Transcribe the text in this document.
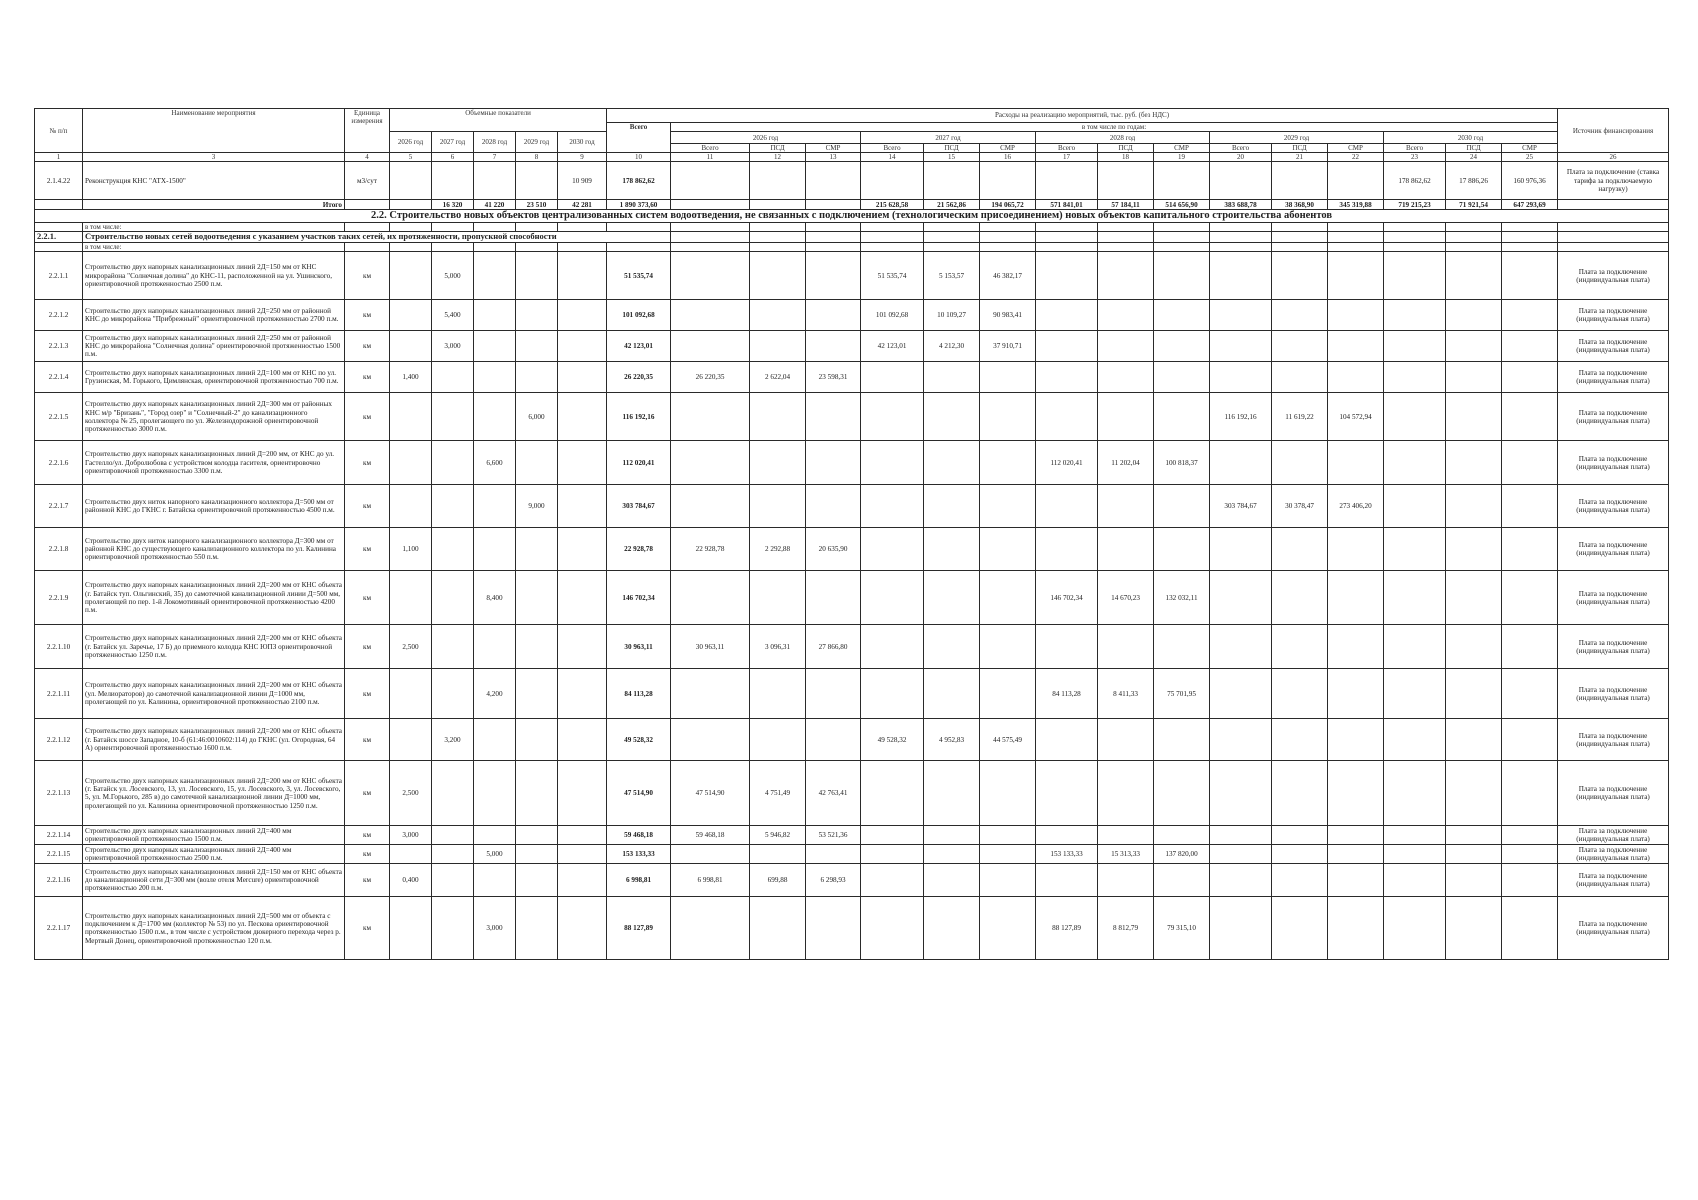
№ п/п	Наименование мероприятия	Единица измерения	Объемные показатели					Расходы на реализацию мероприятий, тыс. руб. (без НДС)																Источник финансирования
								Всего	в том числе по годам:															
			2026 год	2027 год	2028 год	2029 год	2030 год		2026 год			2027 год			2028 год			2029 год			2030 год			
									Всего	ПСД	СМР	Всего	ПСД	СМР	Всего	ПСД	СМР	Всего	ПСД	СМР	Всего	ПСД	СМР	
1	3	4	5	6	7	8	9	10	11	12	13	14	15	16	17	18	19	20	21	22	23	24	25	26
2.1.4.22	Реконструкция КНС "АТХ-1500"	м3/сут					10 909	178 862,62													178 862,62	17 886,26	160 976,36	Плата за подключение (ставка тарифа за подключаемую нагрузку)
	Итого			16 320	41 220	23 510	42 281	1 890 373,60				215 628,58	21 562,86	194 065,72	571 841,01	57 184,11	514 656,90	383 688,78	38 368,90	345 319,88	719 215,23	71 921,54	647 293,69	
2.2. Строительство новых объектов централизованных систем водоотведения, не связанных с подключением (технологическим присоединением) новых объектов капитального строительства абонентов																								
	в том числе:																							
2.2.1.	Строительство новых сетей водоотведения с указанием участков таких сетей, их протяженности, пропускной способности																							
	в том числе:																							
2.2.1.1	Строительство двух напорных канализационных линий 2Д=150 мм от КНС микрорайона "Солнечная долина" до КНС-11, расположенной на ул. Ушинского, ориентировочной протяженностью 2500 п.м.	км		5,000				51 535,74				51 535,74	5 153,57	46 382,17										Плата за подключение (индивидуальная плата)
2.2.1.2	Строительство двух напорных канализационных линий 2Д=250 мм от районной КНС до микрорайона "Прибрежный" ориентировочной протяженностью 2700 п.м.	км		5,400				101 092,68				101 092,68	10 109,27	90 983,41										Плата за подключение (индивидуальная плата)
2.2.1.3	Строительство двух напорных канализационных линий 2Д=250 мм от районной КНС до микрорайона "Солнечная долина" ориентировочной протяженностью 1500 п.м.	км		3,000				42 123,01				42 123,01	4 212,30	37 910,71										Плата за подключение (индивидуальная плата)
2.2.1.4	Строительство двух напорных канализационных линий 2Д=100 мм от КНС по ул. Грузинская, М. Горького, Цимлянская, ориентировочной протяженностью 700 п.м.	км	1,400					26 220,35	26 220,35	2 622,04	23 598,31													Плата за подключение (индивидуальная плата)
2.2.1.5	Строительство двух напорных канализационных линий 2Д=300 мм от районных КНС м/р "Бризань", "Город озер" и "Солнечный-2" до канализационного коллектора № 25, пролегающего по ул. Железнодорожной ориентировочной протяженностью 3000 п.м.	км				6,000		116 192,16										116 192,16	11 619,22	104 572,94				Плата за подключение (индивидуальная плата)
2.2.1.6	Строительство двух напорных канализационных линий Д=200 мм, от КНС до ул. Гастелло/ул. Добролюбова с устройством колодца гасителя, ориентировочно ориентировочной протяженностью 3300 п.м.	км			6,600			112 020,41							112 020,41	11 202,04	100 818,37							Плата за подключение (индивидуальная плата)
2.2.1.7	Строительство двух ниток напорного канализационного коллектора Д=500 мм от районной КНС до ГКНС г. Батайска ориентировочной протяженностью 4500 п.м.	км				9,000		303 784,67										303 784,67	30 378,47	273 406,20				Плата за подключение (индивидуальная плата)
2.2.1.8	Строительство двух ниток напорного канализационного коллектора Д=300 мм от районной КНС до существующего канализационного коллектора по ул. Калинина ориентировочной протяженностью 550 п.м.	км	1,100					22 928,78	22 928,78	2 292,88	20 635,90													Плата за подключение (индивидуальная плата)
2.2.1.9	Строительство двух напорных канализационных линий 2Д=200 мм от КНС объекта (г. Батайск туп. Ольгинский, 35) до самотечной канализационной линии Д=500 мм, пролегающей по пер. 1-й Локомотивный ориентировочной протяженностью 4200 п.м.	км			8,400			146 702,34							146 702,34	14 670,23	132 032,11							Плата за подключение (индивидуальная плата)
2.2.1.10	Строительство двух напорных канализационных линий 2Д=200 мм от КНС объекта (г. Батайск ул. Заречье, 17 Б) до приемного колодца КНС ЮПЗ ориентировочной протяженностью 1250 п.м.	км	2,500					30 963,11	30 963,11	3 096,31	27 866,80													Плата за подключение (индивидуальная плата)
2.2.1.11	Строительство двух напорных канализационных линий 2Д=200 мм от КНС объекта (ул. Мелиораторов) до самотечной канализационной линии Д=1000 мм, пролегающей по ул. Калинина, ориентировочной протяженностью 2100 п.м.	км			4,200			84 113,28							84 113,28	8 411,33	75 701,95							Плата за подключение (индивидуальная плата)
2.2.1.12	Строительство двух напорных канализационных линий 2Д=200 мм от КНС объекта (г. Батайск шоссе Западное, 10-б (61:46:0010602:114) до ГКНС (ул. Огородная, 64 А) ориентировочной протяженностью 1600 п.м.	км		3,200				49 528,32				49 528,32	4 952,83	44 575,49										Плата за подключение (индивидуальная плата)
2.2.1.13	Строительство двух напорных канализационных линий 2Д=200 мм от КНС объекта (г. Батайск ул. Лосевского, 13, ул. Лосевского, 15, ул. Лосевского, 3, ул. Лосевского, 5, ул. М.Горького, 285 в) до самотечной канализационной линии Д=1000 мм, пролегающей по ул. Калинина ориентировочной протяженностью 1250 п.м.	км	2,500					47 514,90	47 514,90	4 751,49	42 763,41													Плата за подключение (индивидуальная плата)
2.2.1.14	Строительство двух напорных канализационных линий 2Д=400 мм ориентировочной протяженностью 1500 п.м.	км	3,000					59 468,18	59 468,18	5 946,82	53 521,36													Плата за подключение (индивидуальная плата)
2.2.1.15	Строительство двух напорных канализационных линий 2Д=400 мм ориентировочной протяженностью 2500 п.м.	км			5,000			153 133,33							153 133,33	15 313,33	137 820,00							Плата за подключение (индивидуальная плата)
2.2.1.16	Строительство двух напорных канализационных линий 2Д=150 мм от КНС объекта до канализационной сети Д=300 мм (возле отеля Mercure) ориентировочной протяженностью 200 п.м.	км	0,400					6 998,81	6 998,81	699,88	6 298,93													Плата за подключение (индивидуальная плата)
2.2.1.17	Строительство двух напорных канализационных линий 2Д=500 мм от объекта с подключением к Д=1700 мм (коллектор № 53) по ул. Пескова ориентировочной протяженностью 1500 п.м., в том числе с устройством дюкерного перехода через р. Мертвый Донец, ориентировочной протяженностью 120 п.м.	км			3,000			88 127,89							88 127,89	8 812,79	79 315,10							Плата за подключение (индивидуальная плата)
